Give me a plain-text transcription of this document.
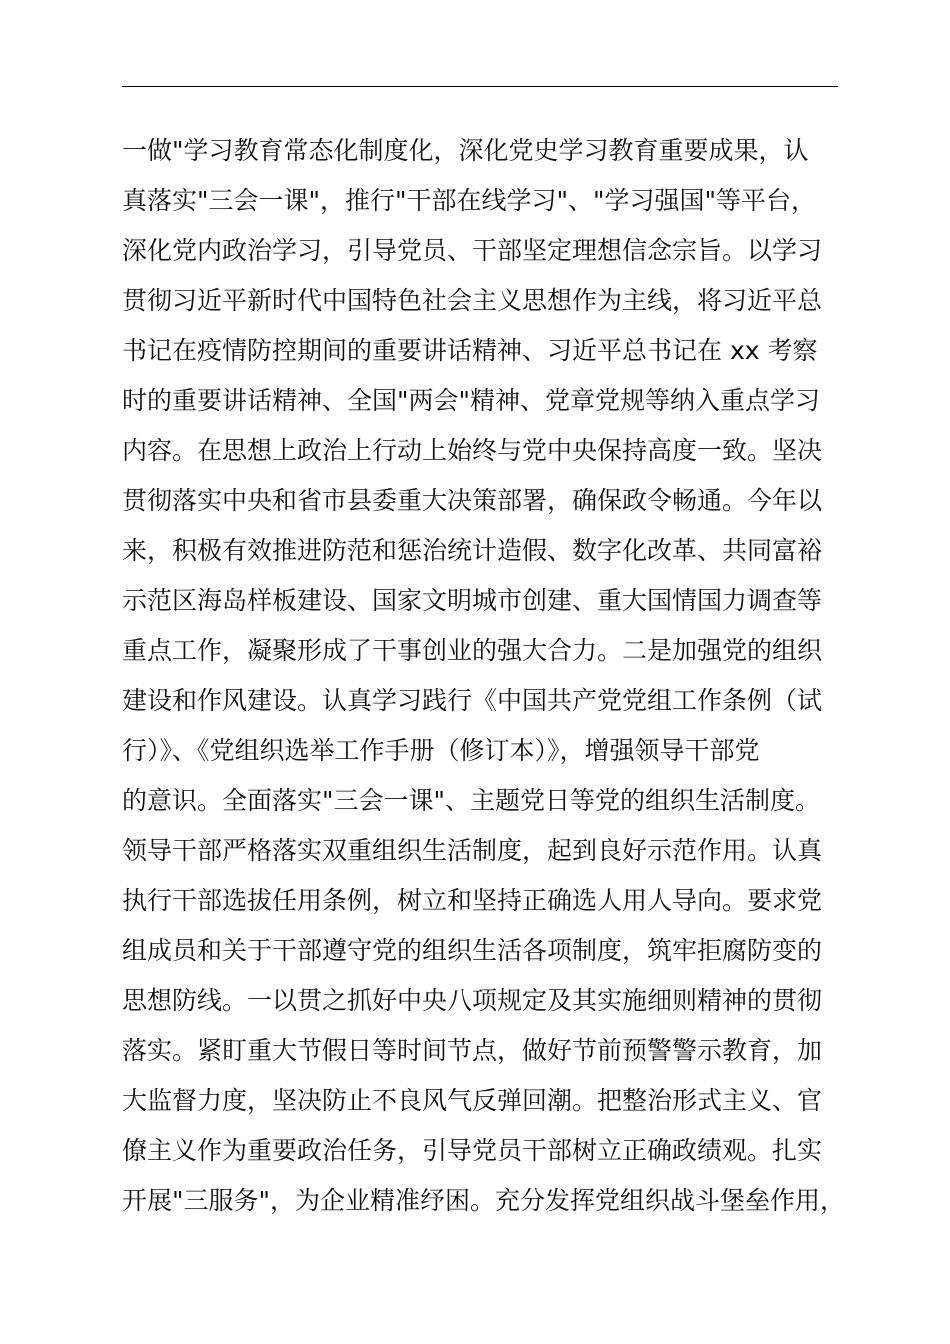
一做"学习教育常态化制度化，深化党史学习教育重要成果，认
真落实"三会一课"，推行"干部在线学习"、"学习强国"等平台，
深化党内政治学习，引导党员、干部坚定理想信念宗旨。以学习
贯彻习近平新时代中国特色社会主义思想作为主线，将习近平总
书记在疫情防控期间的重要讲话精神、习近平总书记在 xx 考察
时的重要讲话精神、全国"两会"精神、党章党规等纳入重点学习
内容。在思想上政治上行动上始终与党中央保持高度一致。坚决
贯彻落实中央和省市县委重大决策部署，确保政令畅通。今年以
来，积极有效推进防范和惩治统计造假、数字化改革、共同富裕
示范区海岛样板建设、国家文明城市创建、重大国情国力调查等
重点工作，凝聚形成了干事创业的强大合力。二是加强党的组织
建设和作风建设。认真学习践行《中国共产党党组工作条例（试
行）》、《党组织选举工作手册（修订本）》，增强领导干部党
的意识。全面落实"三会一课"、主题党日等党的组织生活制度。
领导干部严格落实双重组织生活制度，起到良好示范作用。认真
执行干部选拔任用条例，树立和坚持正确选人用人导向。要求党
组成员和关于干部遵守党的组织生活各项制度，筑牢拒腐防变的
思想防线。一以贯之抓好中央八项规定及其实施细则精神的贯彻
落实。紧盯重大节假日等时间节点，做好节前预警警示教育，加
大监督力度，坚决防止不良风气反弹回潮。把整治形式主义、官
僚主义作为重要政治任务，引导党员干部树立正确政绩观。扎实
开展"三服务"，为企业精准纾困。充分发挥党组织战斗堡垒作用，
